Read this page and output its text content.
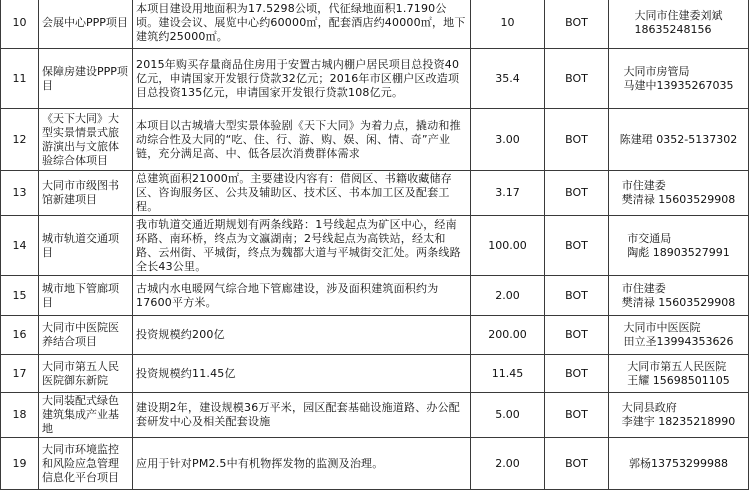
10	会展中心PPP项目	本项目建设用地面积为17.5298公顷，代征绿地面积1.7190公顷。建设会议、展览中心约60000㎡，配套酒店约40000㎡，地下建筑约25000㎡。	10	BOT	大同市住建委刘斌
18635248156

11	保障房建设PPP项目	2015年购买存量商品住房用于安置古城内棚户居民项目总投资40亿元，申请国家开发银行贷款32亿元；2016年市区棚户区改造项目总投资135亿元，申请国家开发银行贷款108亿元。	35.4	BOT	大同市房管局
马建中13935267035

12	《天下大同》大型实景情景式旅游演出与文旅体验综合体项目	本项目以古城墙大型实景体验剧《天下大同》为着力点，撬动和推动综合性及大同的“吃、住、行、游、购、娱、闲、情、奇”产业链，充分满足高、中、低各层次消费群体需求	3.00	BOT	陈建珺 0352-5137302

13	大同市市级图书馆新建项目	总建筑面积21000㎡。主要建设内容有：借阅区、书籍收藏储存区、咨询服务区、公共及辅助区、技术区、书本加工区及配套工程。	3.17	BOT	市住建委
樊清禄 15603529908

14	城市轨道交通项目	我市轨道交通近期规划有两条线路：1号线起点为矿区中心，经南环路、南环桥，终点为文瀛湖南；2号线起点为高铁站，经太和路、云州街、平城街，终点为魏都大道与平城街交汇处。两条线路全长43公里。	100.00	BOT	市交通局
陶彪 18903527991

15	城市地下管廊项目	古城内水电暖网气综合地下管廊建设，涉及面积建筑面积约为17600平方米。	2.00	BOT	市住建委
樊清禄 15603529908

16	大同市中医院医养结合项目	投资规模约200亿	200.00	BOT	大同市中医医院
田立圣13994353626

17	大同市第五人民医院御东新院	投资规模约11.45亿	11.45	BOT	大同市第五人民医院
王耀 15698501105

18	大同装配式绿色建筑集成产业基地	建设期2年，建设规模36万平米，园区配套基础设施道路、办公配套研发中心及相关配套设施	5.00	BOT	大同县政府
李建宇 18235218990

19	大同市环境监控和风险应急管理信息化平台项目	应用于针对PM2.5中有机物挥发物的监测及治理。	2.00	BOT	郭杨13753299988
